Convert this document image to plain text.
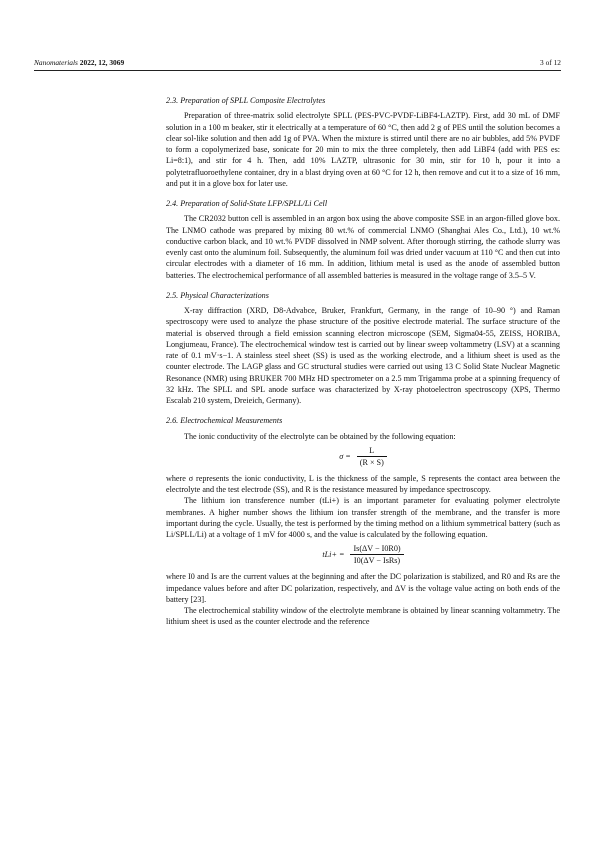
Nanomaterials 2022, 12, 3069	3 of 12

2.3. Preparation of SPLL Composite Electrolytes

Preparation of three-matrix solid electrolyte SPLL (PES-PVC-PVDF-LiBF4-LAZTP). First, add 30 mL of DMF solution in a 100 m beaker, stir it electrically at a temperature of 60 °C, then add 2 g of PES until the solution becomes a clear sol-like solution and then add 1g of PVA. When the mixture is stirred until there are no air bubbles, add 5% PVDF to form a copolymerized base, sonicate for 20 min to mix the three completely, then add LiBF4 (add with PES es: Li=8:1), and stir for 4 h. Then, add 10% LAZTP, ultrasonic for 30 min, stir for 10 h, pour it into a polytetrafluoroethylene container, dry in a blast drying oven at 60 °C for 12 h, then remove and cut it to a size of 16 mm, and put it in a glove box for later use.

2.4. Preparation of Solid-State LFP/SPLL/Li Cell

The CR2032 button cell is assembled in an argon box using the above composite SSE in an argon-filled glove box. The LNMO cathode was prepared by mixing 80 wt.% of commercial LNMO (Shanghai Ales Co., Ltd.), 10 wt.% conductive carbon black, and 10 wt.% PVDF dissolved in NMP solvent. After thorough stirring, the cathode slurry was evenly cast onto the aluminum foil. Subsequently, the aluminum foil was dried under vacuum at 110 °C and then cut into circular electrodes with a diameter of 16 mm. In addition, lithium metal is used as the anode of assembled button batteries. The electrochemical performance of all assembled batteries is measured in the voltage range of 3.5–5 V.

2.5. Physical Characterizations

X-ray diffraction (XRD, D8-Advabce, Bruker, Frankfurt, Germany, in the range of 10–90 °) and Raman spectroscopy were used to analyze the phase structure of the positive electrode material. The surface structure of the material is observed through a field emission scanning electron microscope (SEM, Sigma04-55, ZEISS, HORIBA, Longjumeau, France). The electrochemical window test is carried out by linear sweep voltammetry (LSV) at a scanning rate of 0.1 mV·s−1. A stainless steel sheet (SS) is used as the working electrode, and a lithium sheet is used as the counter electrode. The LAGP glass and GC structural studies were carried out using 13 C Solid State Nuclear Magnetic Resonance (NMR) using BRUKER 700 MHz HD spectrometer on a 2.5 mm Trigamma probe at a spinning frequency of 32 kHz. The SPLL and SPL anode surface was characterized by X-ray photoelectron spectroscopy (XPS, Thermo Escalab 210 system, Dreieich, Germany).

2.6. Electrochemical Measurements

The ionic conductivity of the electrolyte can be obtained by the following equation:

$\sigma = \frac{L}{(R \times S)}$

where σ represents the ionic conductivity, L is the thickness of the sample, S represents the contact area between the electrolyte and the test electrode (SS), and R is the resistance measured by impedance spectroscopy.

The lithium ion transference number (tLi+) is an important parameter for evaluating polymer electrolyte membranes. A higher number shows the lithium ion transfer strength of the membrane, and the transfer is more important during the cycle. Usually, the test is performed by the timing method on a lithium symmetrical battery (such as Li/SPLL/Li) at a voltage of 1 mV for 4000 s, and the value is calculated by the following equation.

$tLi+ = \frac{Is(\Delta V - I0R0)}{\text{I0(ΔV − IsRs)}}$

where I0 and Is are the current values at the beginning and after the DC polarization is stabilized, and R0 and Rs are the impedance values before and after DC polarization, respectively, and ΔV is the voltage value acting on both ends of the battery [23].

The electrochemical stability window of the electrolyte membrane is obtained by linear scanning voltammetry. The lithium sheet is used as the counter electrode and the reference
